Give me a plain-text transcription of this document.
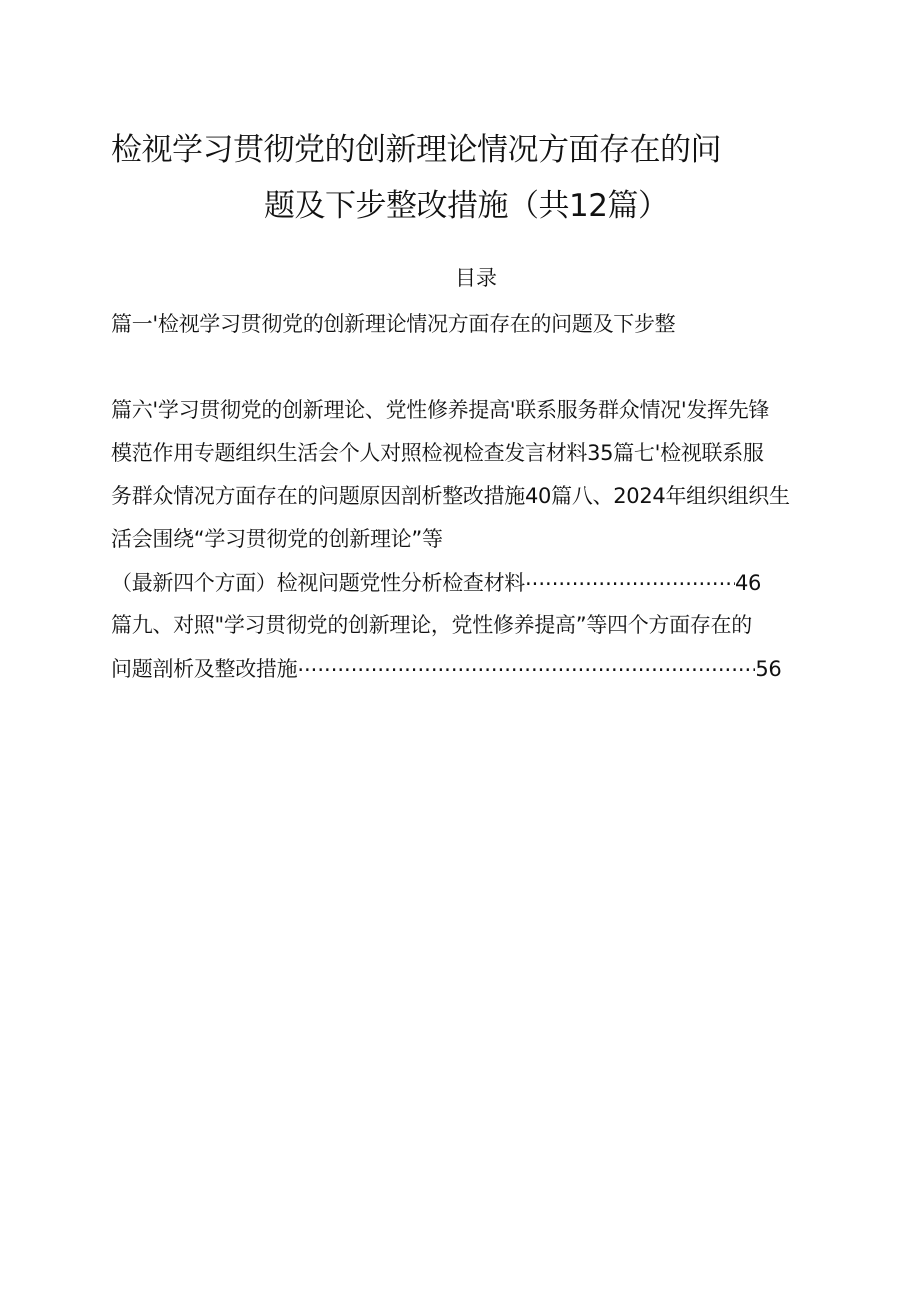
检视学习贯彻党的创新理论情况方面存在的问
题及下步整改措施（共12篇）
目录
篇一'检视学习贯彻党的创新理论情况方面存在的问题及下步整
篇六'学习贯彻党的创新理论、党性修养提高'联系服务群众情况'发挥先锋
模范作用专题组织生活会个人对照检视检查发言材料35篇七'检视联系服
务群众情况方面存在的问题原因剖析整改措施40篇八、2024年组织组织生
活会围绕“学习贯彻党的创新理论”等
（最新四个方面）检视问题党性分析检查材料 .....	46
篇九、对照"学习贯彻党的创新理论，党性修养提高”等四个方面存在的
问题剖析及整改措施 .....	56
